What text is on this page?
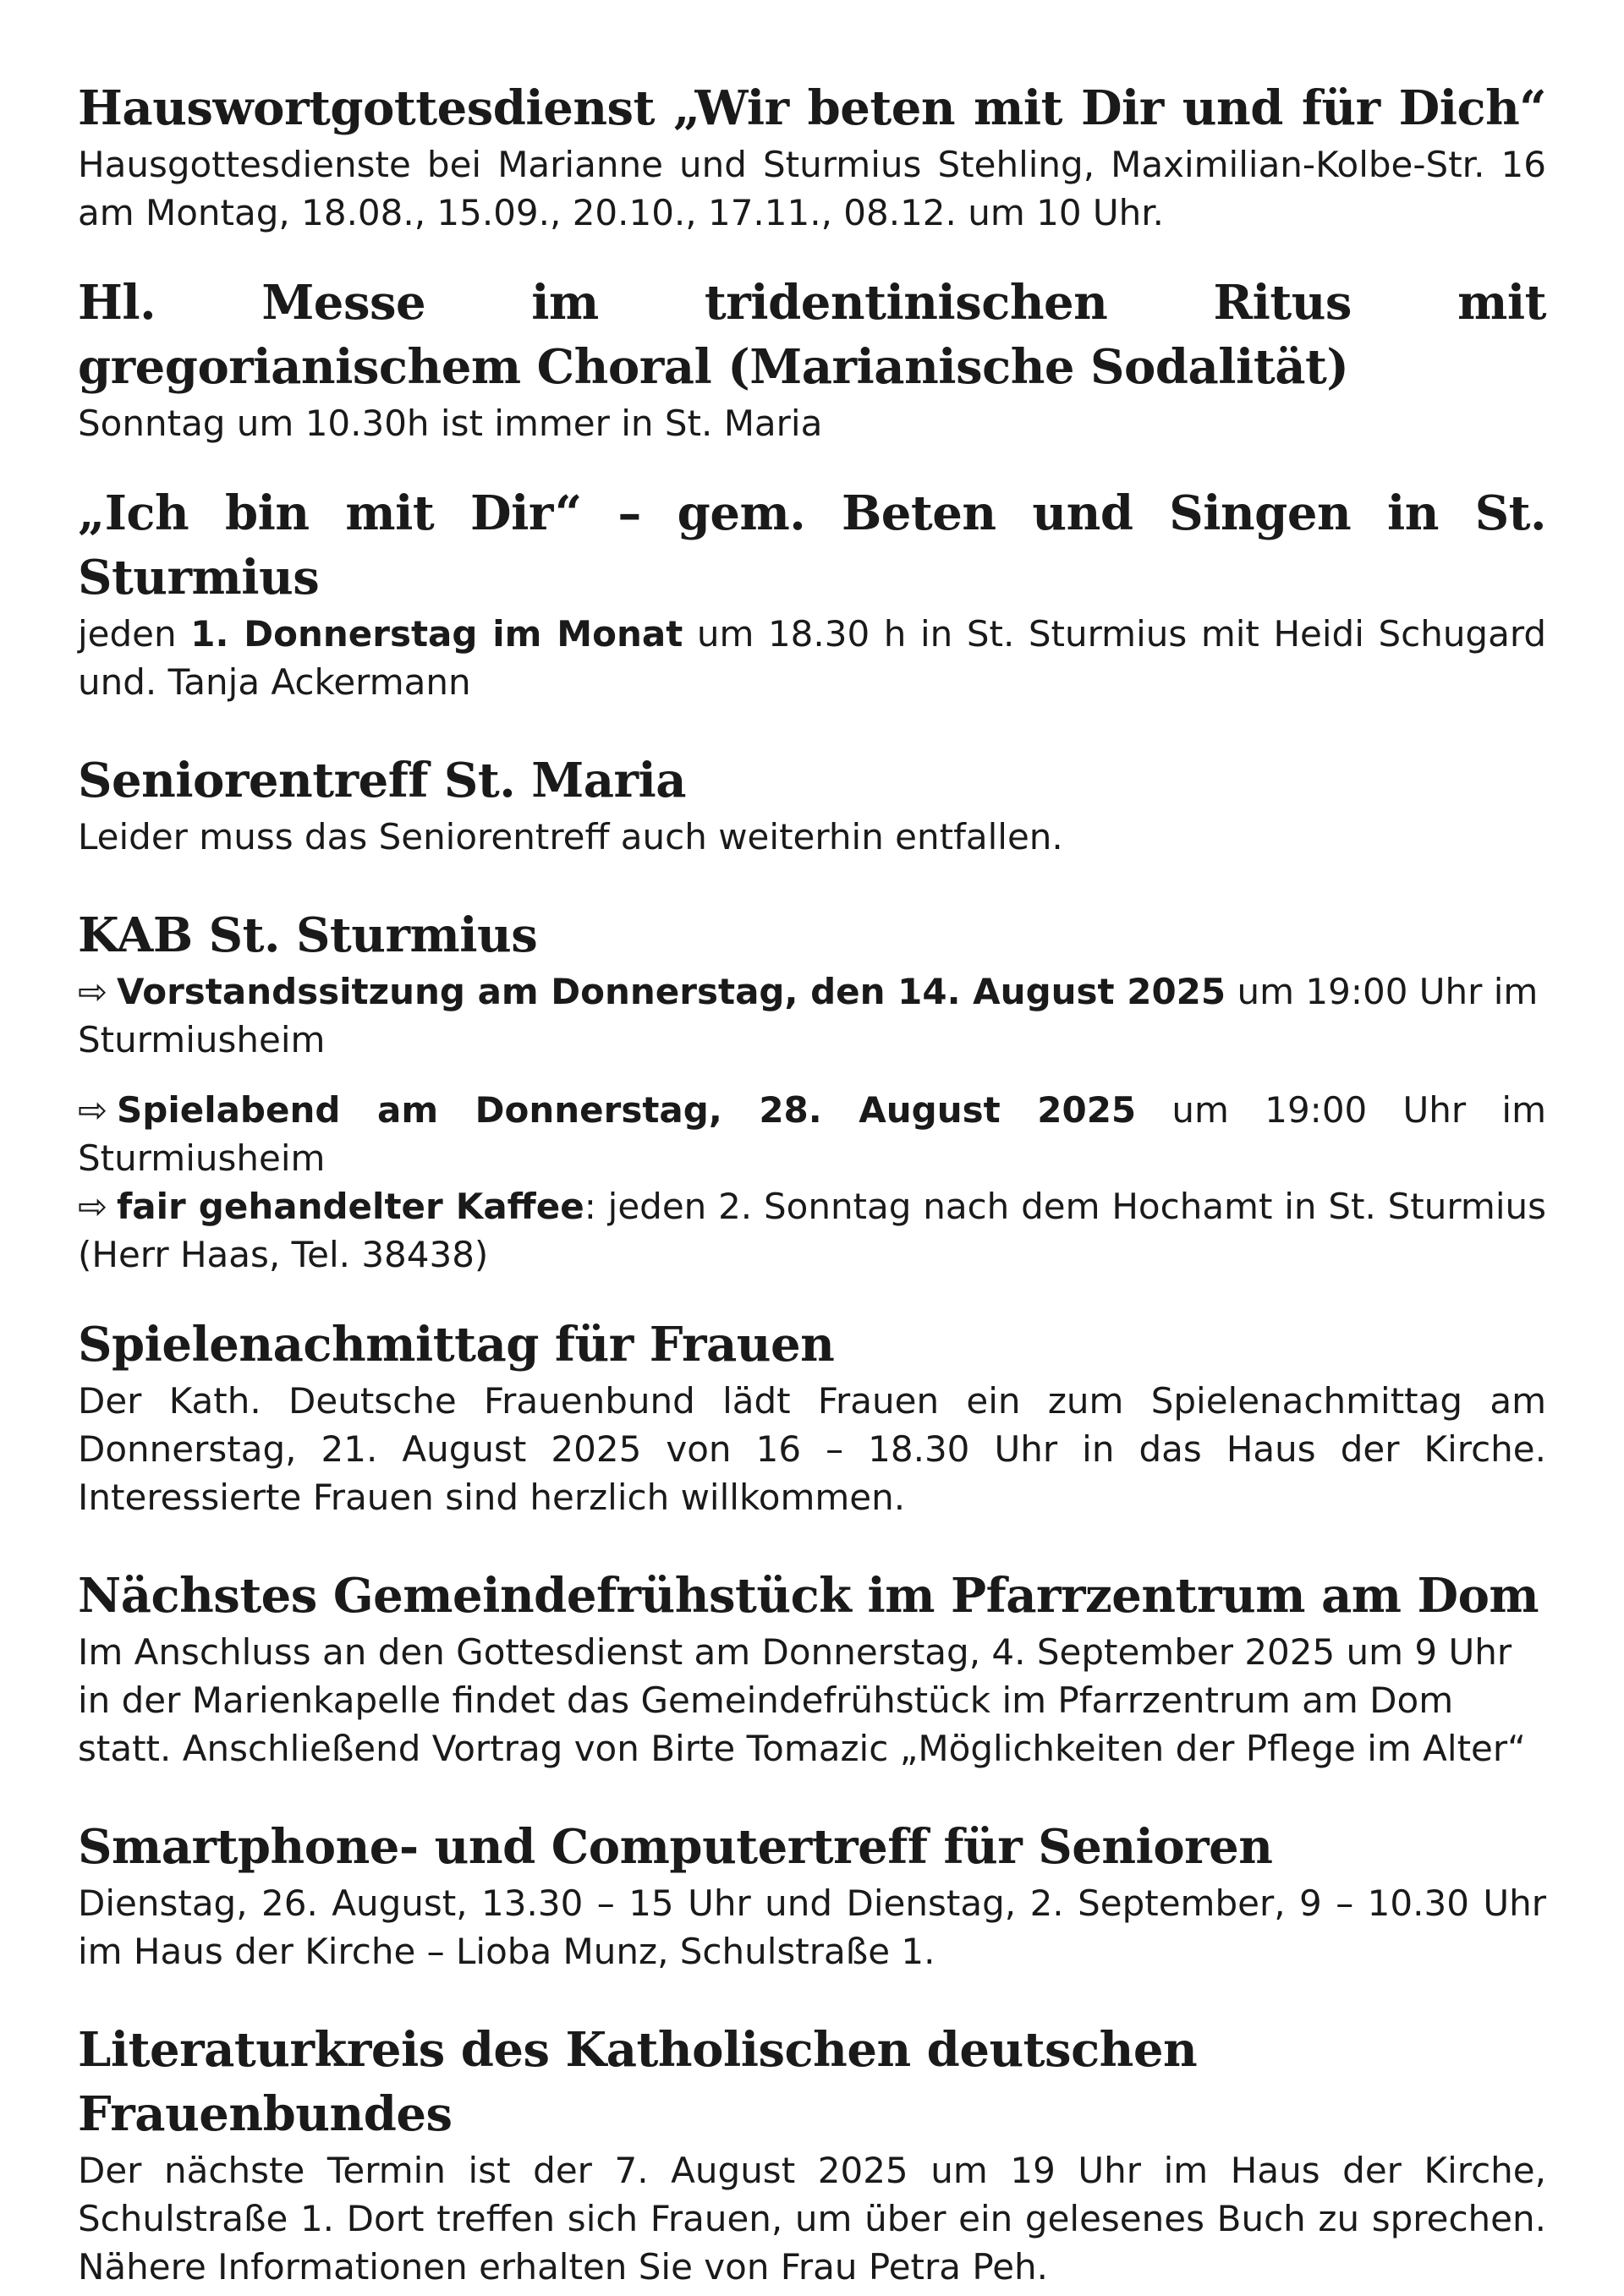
Hauswortgottesdienst „Wir beten mit Dir und für Dich“

Hausgottesdienste bei Marianne und Sturmius Stehling, Maximilian-Kolbe-Str. 16 am Montag, 18.08., 15.09., 20.10., 17.11., 08.12. um 10 Uhr.

Hl. Messe im tridentinischen Ritus mit gregorianischem Choral (Marianische Sodalität)

Sonntag um 10.30h ist immer in St. Maria

„Ich bin mit Dir“ – gem. Beten und Singen in St. Sturmius

jeden 1. Donnerstag im Monat um 18.30 h in St. Sturmius mit Heidi Schugard und. Tanja Ackermann

Seniorentreff St. Maria

Leider muss das Seniorentreff auch weiterhin entfallen.

KAB St. Sturmius

⇨ Vorstandssitzung am Donnerstag, den 14. August 2025 um 19:00 Uhr im Sturmiusheim

⇨ Spielabend am Donnerstag, 28. August 2025 um 19:00 Uhr im Sturmiusheim

⇨ fair gehandelter Kaffee: jeden 2. Sonntag nach dem Hochamt in St. Sturmius (Herr Haas, Tel. 38438)

Spielenachmittag für Frauen

Der Kath. Deutsche Frauenbund lädt Frauen ein zum Spielenachmittag am Donnerstag, 21. August 2025 von 16 – 18.30 Uhr in das Haus der Kirche. Interessierte Frauen sind herzlich willkommen.

Nächstes Gemeindefrühstück im Pfarrzentrum am Dom

Im Anschluss an den Gottesdienst am Donnerstag, 4. September 2025 um 9 Uhr in der Marienkapelle findet das Gemeindefrühstück im Pfarrzentrum am Dom statt. Anschließend Vortrag von Birte Tomazic „Möglichkeiten der Pflege im Alter“

Smartphone- und Computertreff für Senioren

Dienstag, 26. August, 13.30 – 15 Uhr und Dienstag, 2. September, 9 – 10.30 Uhr im Haus der Kirche – Lioba Munz, Schulstraße 1.

Literaturkreis des Katholischen deutschen Frauenbundes

Der nächste Termin ist der 7. August 2025 um 19 Uhr im Haus der Kirche, Schulstraße 1. Dort treffen sich Frauen, um über ein gelesenes Buch zu sprechen. Nähere Informationen erhalten Sie von Frau Petra Peh.
